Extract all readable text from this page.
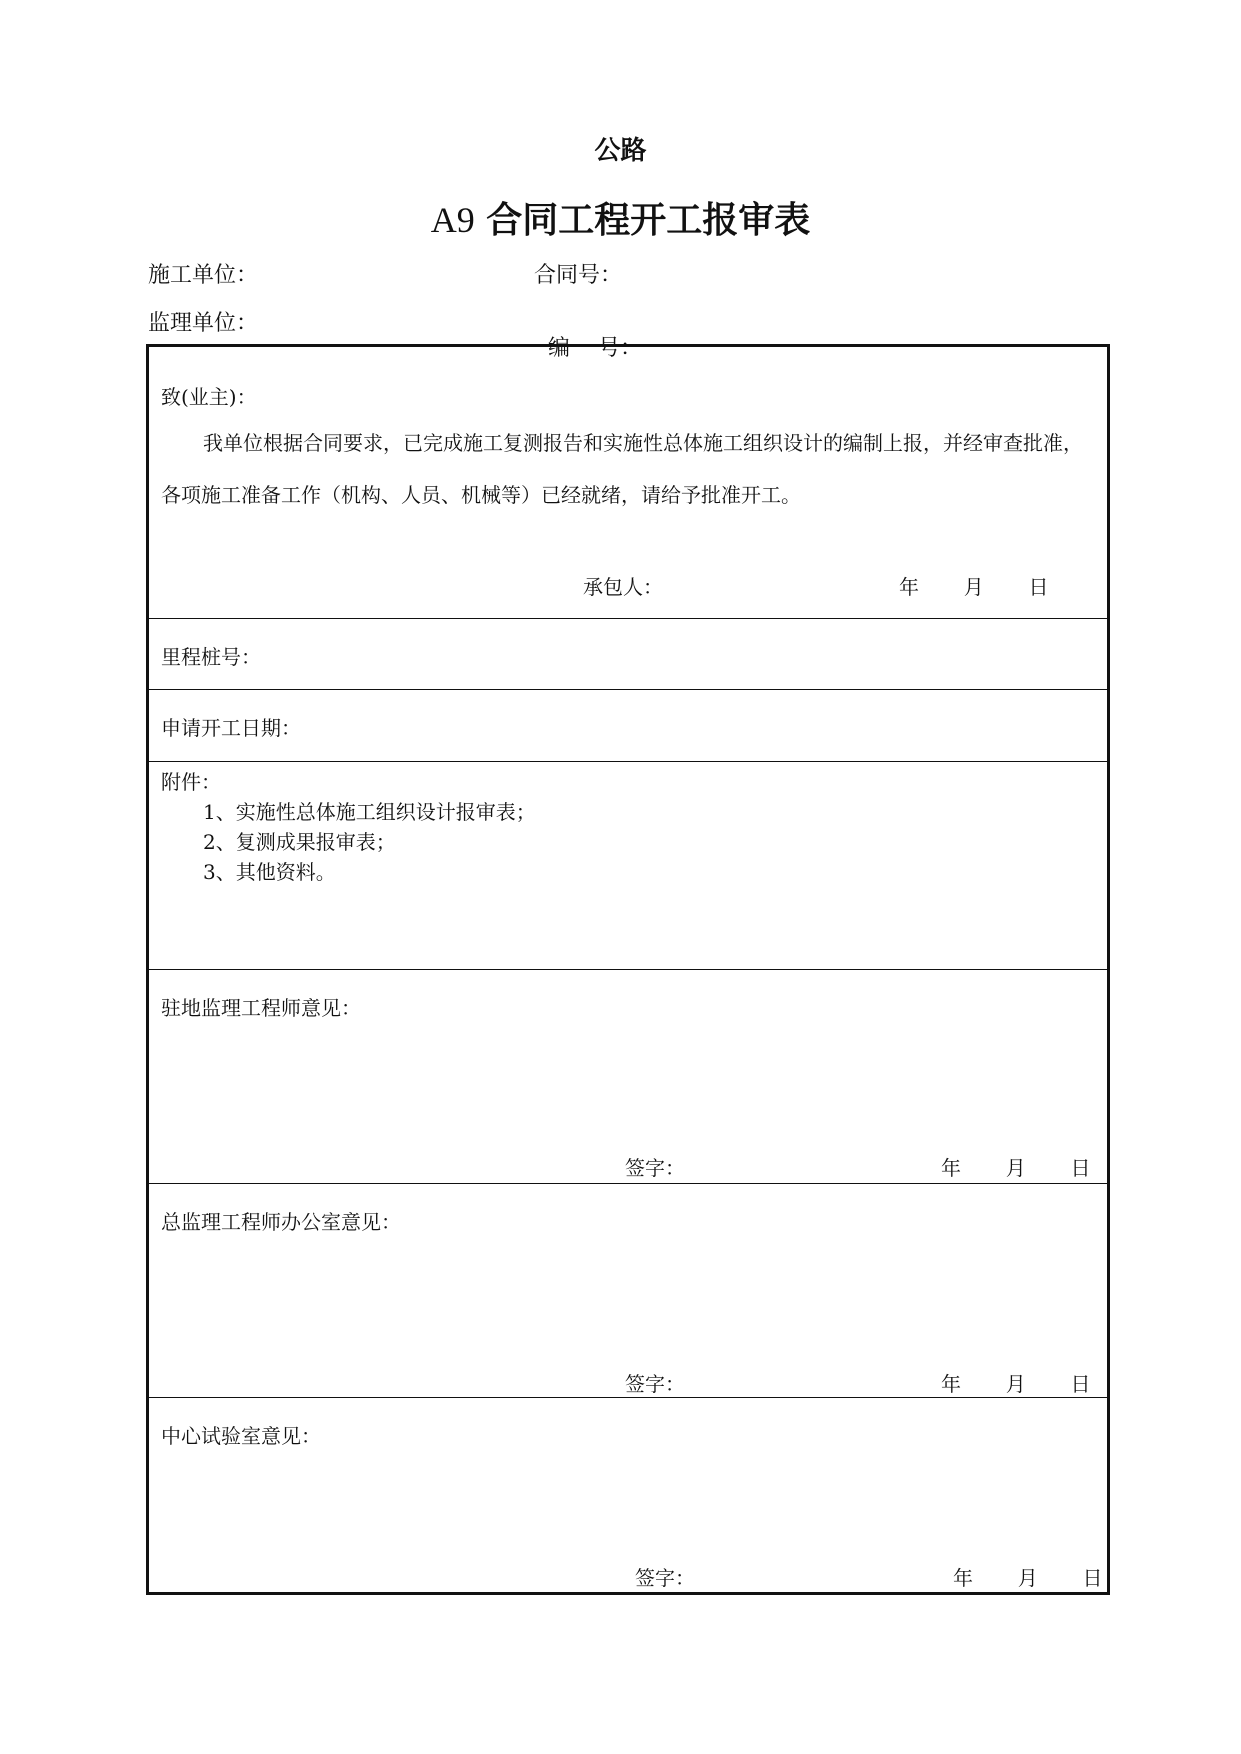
公路
A9 合同工程开工报审表
施工单位：	合同号：
监理单位：

编    号：

致(业主)：
我单位根据合同要求，已完成施工复测报告和实施性总体施工组织设计的编制上报，并经审查批准，各项施工准备工作（机构、人员、机械等）已经就绪，请给予批准开工。
承包人：	年 月 日
里程桩号：
申请开工日期：
附件：
1、实施性总体施工组织设计报审表；
2、复测成果报审表；
3、其他资料。
驻地监理工程师意见：
签字：	年 月 日
总监理工程师办公室意见：
签字：	年 月 日
中心试验室意见：
签字：	年 月 日
